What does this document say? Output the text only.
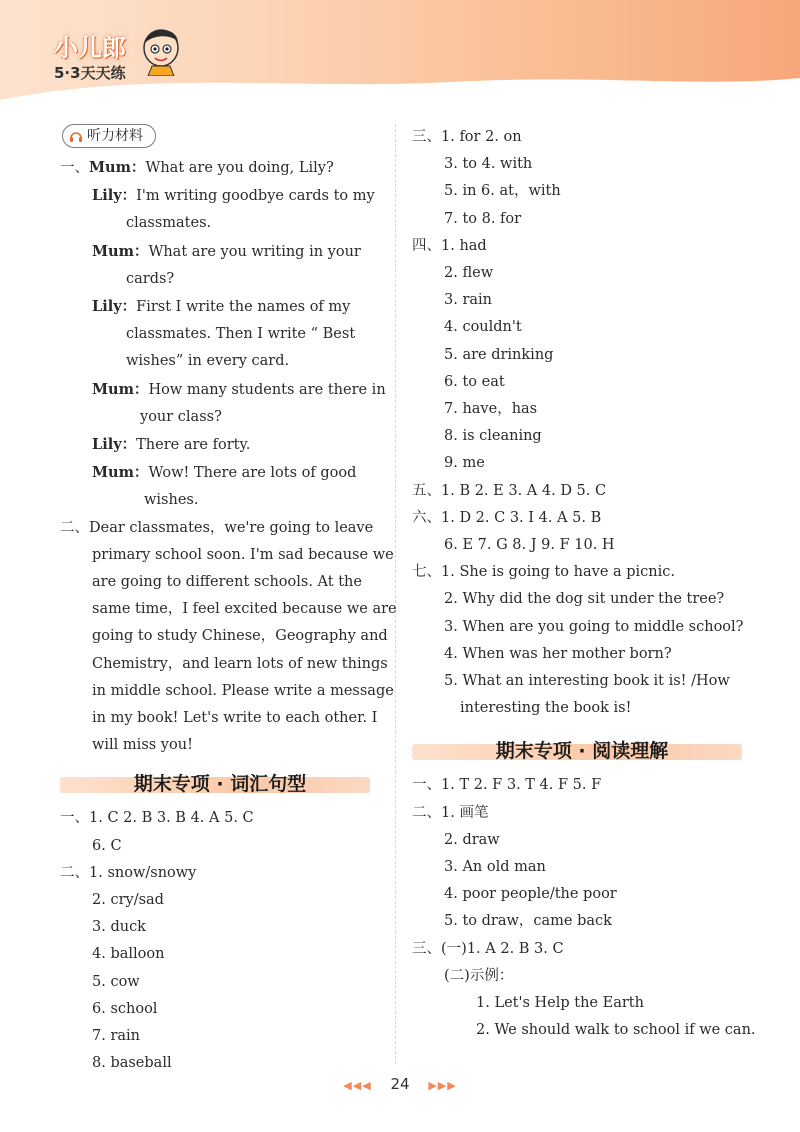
小儿郎
5·3天天练
听力材料
一、Mum：What are you doing, Lily?
Lily：I'm writing goodbye cards to my
classmates.
Mum：What are you writing in your
cards?
Lily：First I write the names of my
classmates. Then I write “ Best
wishes” in every card.
Mum：How many students are there in
your class?
Lily：There are forty.
Mum：Wow! There are lots of good
wishes.
二、Dear classmates，we're going to leave
primary school soon. I'm sad because we
are going to different schools. At the
same time，I feel excited because we are
going to study Chinese，Geography and
Chemistry，and learn lots of new things
in middle school. Please write a message
in my book! Let's write to each other. I
will miss you!
期末专项 · 词汇句型
一、1. C 2. B 3. B 4. A 5. C
6. C
二、1. snow/snowy
2. cry/sad
3. duck
4. balloon
5. cow
6. school
7. rain
8. baseball
三、1. for 2. on
3. to 4. with
5. in 6. at，with
7. to 8. for
四、1. had
2. flew
3. rain
4. couldn't
5. are drinking
6. to eat
7. have，has
8. is cleaning
9. me
五、1. B 2. E 3. A 4. D 5. C
六、1. D 2. C 3. I 4. A 5. B
6. E 7. G 8. J 9. F 10. H
七、1. She is going to have a picnic.
2. Why did the dog sit under the tree?
3. When are you going to middle school?
4. When was her mother born?
5. What an interesting book it is! /How
interesting the book is!
期末专项 · 阅读理解
一、1. T 2. F 3. T 4. F 5. F
二、1. 画笔
2. draw
3. An old man
4. poor people/the poor
5. to draw，came back
三、(一)1. A 2. B 3. C
(二)示例：
1. Let's Help the Earth
2. We should walk to school if we can.
◀◀◀ 24 ▶▶▶
